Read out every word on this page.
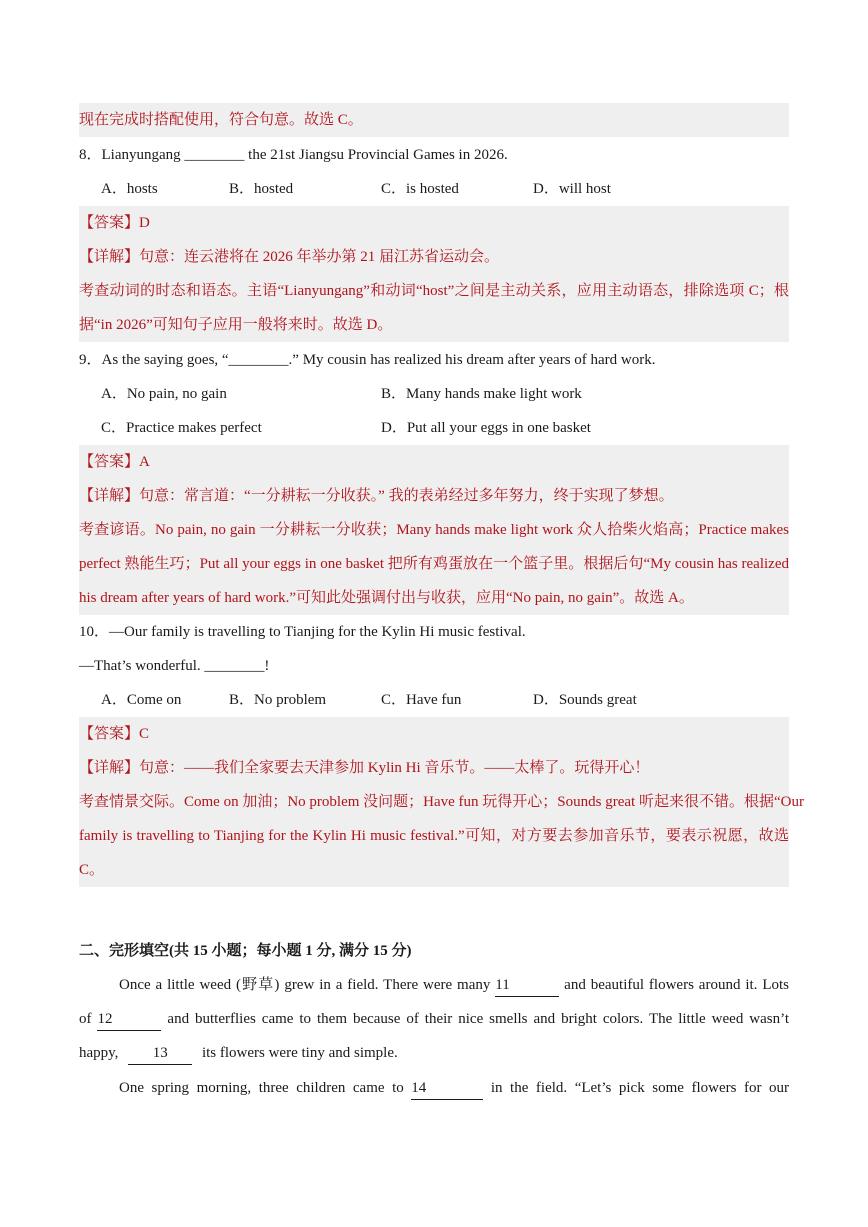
现在完成时搭配使用，符合句意。故选 C。
8．Lianyungang ________ the 21st Jiangsu Provincial Games in 2026.
A．hosts	B．hosted	C．is hosted	D．will host
【答案】D
【详解】句意：连云港将在 2026 年举办第 21 届江苏省运动会。
考查动词的时态和语态。主语“Lianyungang”和动词“host”之间是主动关系，应用主动语态，排除选项 C；根
据“in 2026”可知句子应用一般将来时。故选 D。
9．As the saying goes, “________.” My cousin has realized his dream after years of hard work.
A．No pain, no gain	B．Many hands make light work
C．Practice makes perfect	D．Put all your eggs in one basket
【答案】A
【详解】句意：常言道：“一分耕耘一分收获。” 我的表弟经过多年努力，终于实现了梦想。
考查谚语。No pain, no gain 一分耕耘一分收获；Many hands make light work 众人拾柴火焰高；Practice makes
perfect 熟能生巧；Put all your eggs in one basket 把所有鸡蛋放在一个篮子里。根据后句“My cousin has realized
his dream after years of hard work.”可知此处强调付出与收获，应用“No pain, no gain”。故选 A。
10．—Our family is travelling to Tianjing for the Kylin Hi music festival.
—That’s wonderful. ________!
A．Come on	B．No problem	C．Have fun	D．Sounds great
【答案】C
【详解】句意：——我们全家要去天津参加 Kylin Hi 音乐节。——太棒了。玩得开心！
考查情景交际。Come on 加油；No problem 没问题；Have fun 玩得开心；Sounds great 听起来很不错。根据“Our
family is travelling to Tianjing for the Kylin Hi music festival.”可知，对方要去参加音乐节，要表示祝愿，故选
C。
二、完形填空(共 15 小题；每小题 1 分, 满分 15 分)
Once a little weed (野草) grew in a field. There were many 11	and beautiful flowers around it. Lots
of 12	and butterflies came to them because of their nice smells and bright colors. The little weed wasn’t
happy, 13 its flowers were tiny and simple.
One spring morning, three children came to 14	in the field. “Let’s pick some flowers for our
